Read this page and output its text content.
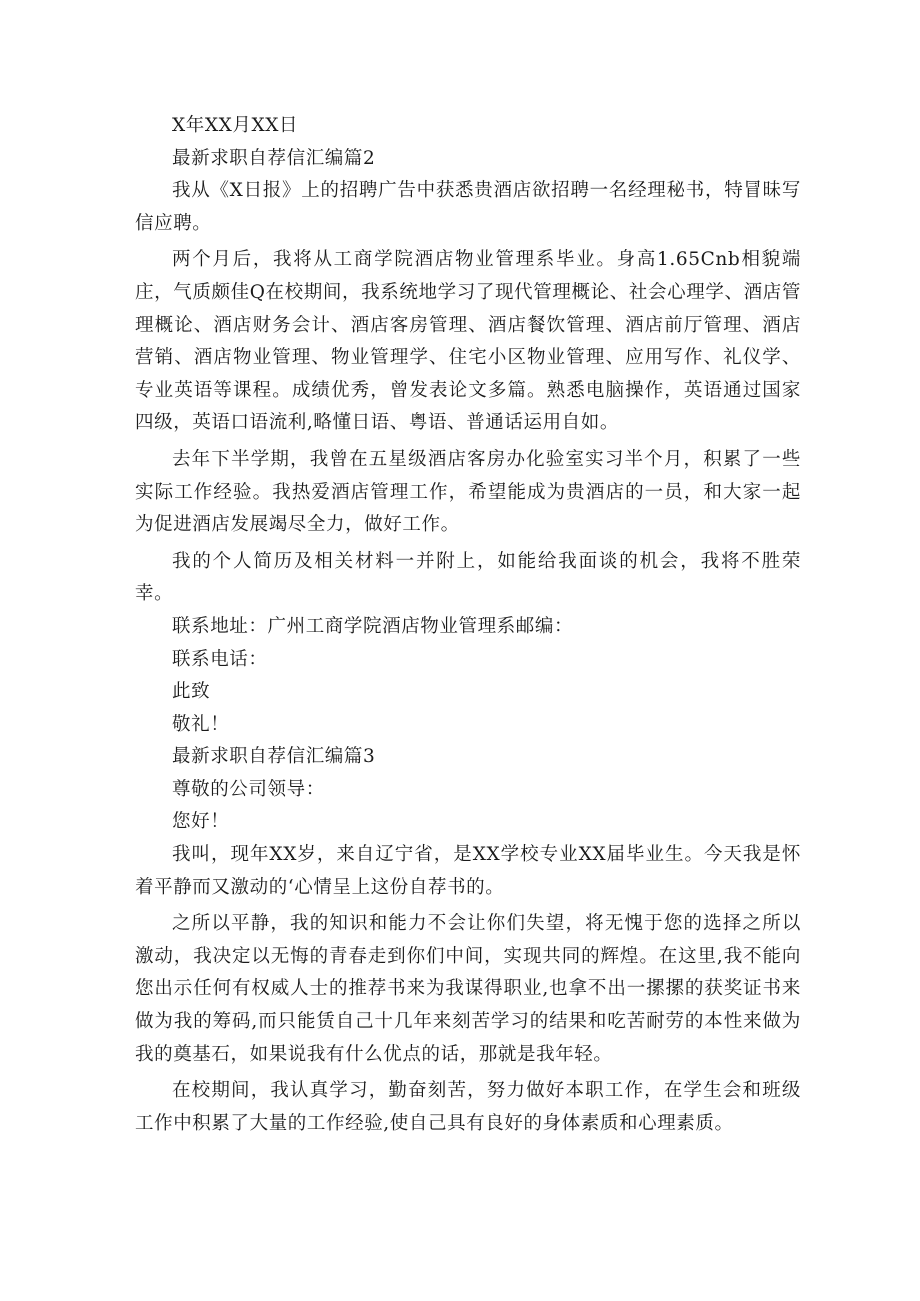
X年XX月XX日

最新求职自荐信汇编篇2

我从《X日报》上的招聘广告中获悉贵酒店欲招聘一名经理秘书，特冒昧写信应聘。

两个月后，我将从工商学院酒店物业管理系毕业。身高1.65Cnb相貌端庄，气质颇佳Q在校期间，我系统地学习了现代管理概论、社会心理学、酒店管理概论、酒店财务会计、酒店客房管理、酒店餐饮管理、酒店前厅管理、酒店营销、酒店物业管理、物业管理学、住宅小区物业管理、应用写作、礼仪学、专业英语等课程。成绩优秀，曾发表论文多篇。熟悉电脑操作，英语通过国家四级，英语口语流利,略懂日语、粤语、普通话运用自如。

去年下半学期，我曾在五星级酒店客房办化验室实习半个月，积累了一些实际工作经验。我热爱酒店管理工作，希望能成为贵酒店的一员，和大家一起为促进酒店发展竭尽全力，做好工作。

我的个人简历及相关材料一并附上，如能给我面谈的机会，我将不胜荣幸。

联系地址：广州工商学院酒店物业管理系邮编：

联系电话：

此致

敬礼！

最新求职自荐信汇编篇3

尊敬的公司领导：

您好！

我叫，现年XX岁，来自辽宁省，是XX学校专业XX届毕业生。今天我是怀着平静而又激动的‘心情呈上这份自荐书的。

之所以平静，我的知识和能力不会让你们失望，将无愧于您的选择之所以激动，我决定以无悔的青春走到你们中间，实现共同的辉煌。在这里,我不能向您出示任何有权威人士的推荐书来为我谋得职业,也拿不出一摞摞的获奖证书来做为我的筹码,而只能赁自己十几年来刻苦学习的结果和吃苦耐劳的本性来做为我的奠基石，如果说我有什么优点的话，那就是我年轻。

在校期间，我认真学习，勤奋刻苦，努力做好本职工作，在学生会和班级工作中积累了大量的工作经验,使自己具有良好的身体素质和心理素质。
